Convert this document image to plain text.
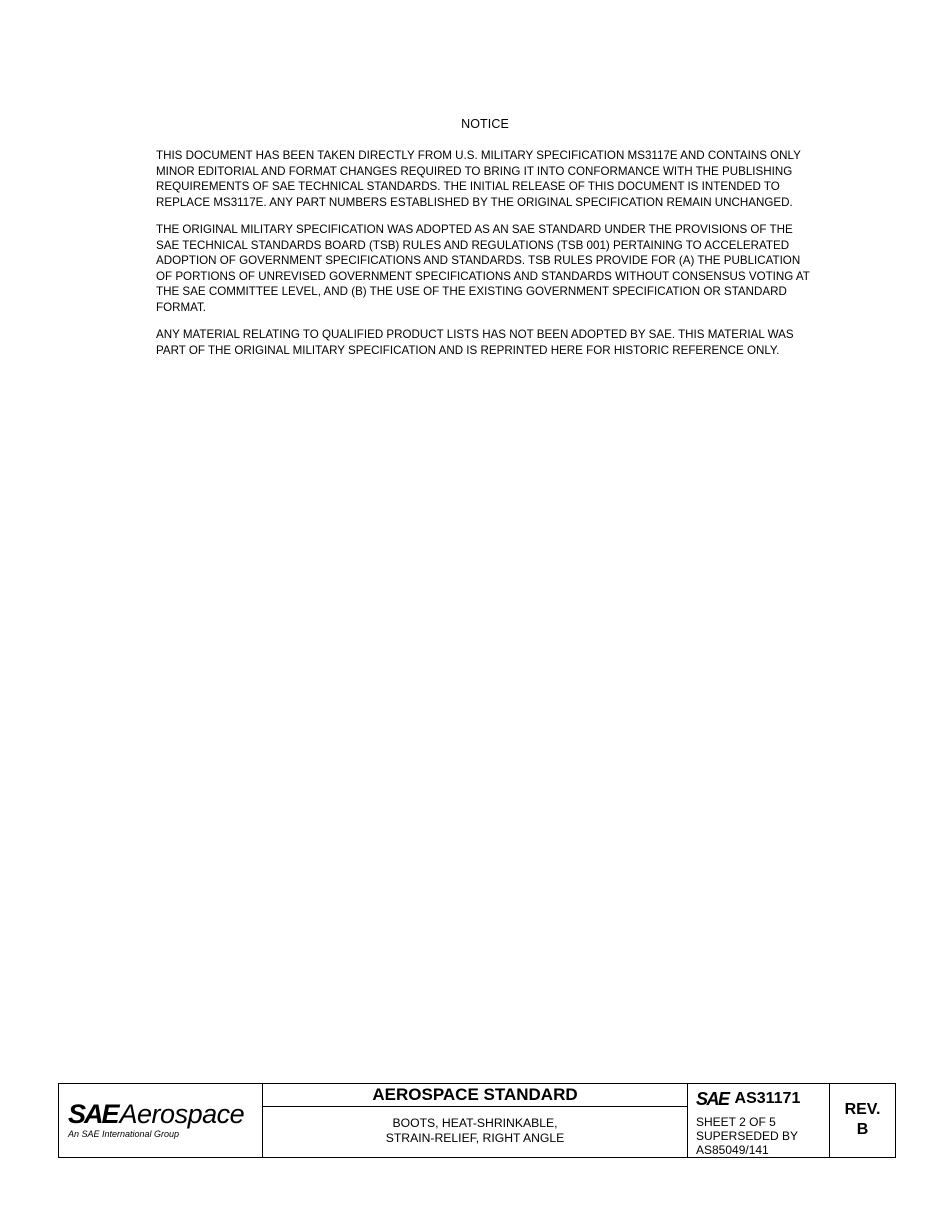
NOTICE

THIS DOCUMENT HAS BEEN TAKEN DIRECTLY FROM U.S. MILITARY SPECIFICATION MS3117E AND CONTAINS ONLY MINOR EDITORIAL AND FORMAT CHANGES REQUIRED TO BRING IT INTO CONFORMANCE WITH THE PUBLISHING REQUIREMENTS OF SAE TECHNICAL STANDARDS. THE INITIAL RELEASE OF THIS DOCUMENT IS INTENDED TO REPLACE MS3117E. ANY PART NUMBERS ESTABLISHED BY THE ORIGINAL SPECIFICATION REMAIN UNCHANGED.

THE ORIGINAL MILITARY SPECIFICATION WAS ADOPTED AS AN SAE STANDARD UNDER THE PROVISIONS OF THE SAE TECHNICAL STANDARDS BOARD (TSB) RULES AND REGULATIONS (TSB 001) PERTAINING TO ACCELERATED ADOPTION OF GOVERNMENT SPECIFICATIONS AND STANDARDS. TSB RULES PROVIDE FOR (A) THE PUBLICATION OF PORTIONS OF UNREVISED GOVERNMENT SPECIFICATIONS AND STANDARDS WITHOUT CONSENSUS VOTING AT THE SAE COMMITTEE LEVEL, AND (B) THE USE OF THE EXISTING GOVERNMENT SPECIFICATION OR STANDARD FORMAT.

ANY MATERIAL RELATING TO QUALIFIED PRODUCT LISTS HAS NOT BEEN ADOPTED BY SAE. THIS MATERIAL WAS PART OF THE ORIGINAL MILITARY SPECIFICATION AND IS REPRINTED HERE FOR HISTORIC REFERENCE ONLY.

SAE Aerospace
An SAE International Group
AEROSPACE STANDARD
BOOTS, HEAT-SHRINKABLE,
STRAIN-RELIEF, RIGHT ANGLE
SAE AS31171
SHEET 2 OF 5
SUPERSEDED BY
AS85049/141
REV.
B
